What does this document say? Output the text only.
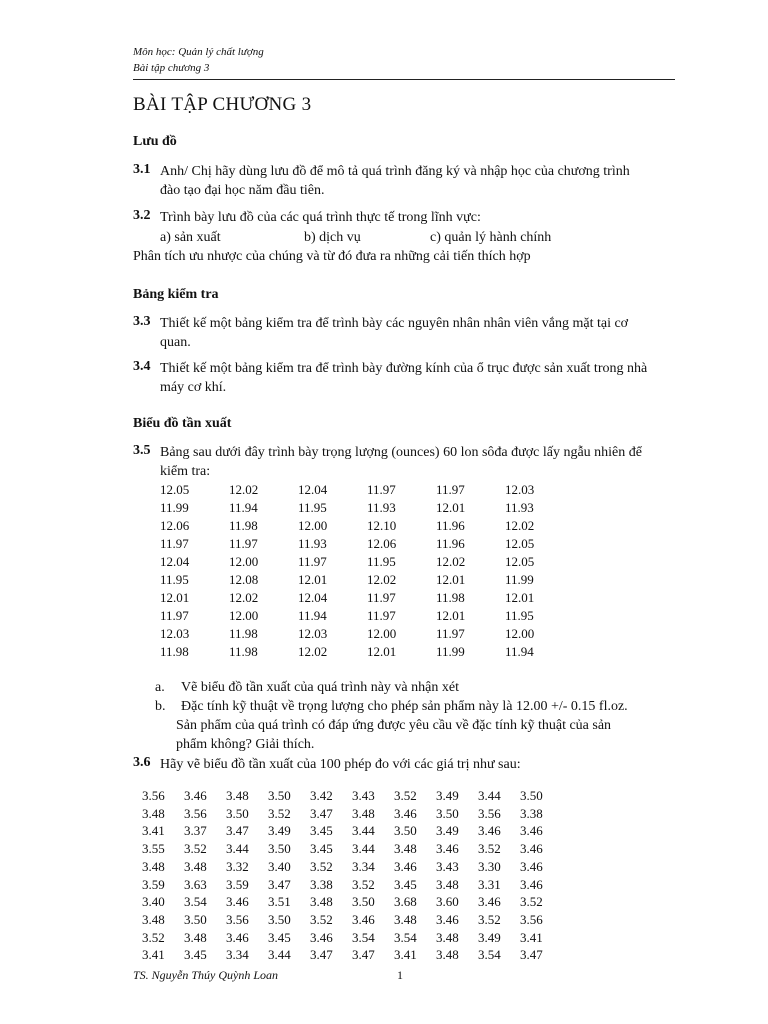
Môn học: Quản lý chất lượng
Bài tập chương 3
BÀI TẬP CHƯƠNG 3
Lưu đồ
3.1 Anh/ Chị hãy dùng lưu đồ để mô tả quá trình đăng ký và nhập học của chương trình
đào tạo đại học năm đầu tiên.
3.2 Trình bày lưu đồ của các quá trình thực tế trong lĩnh vực:
a) sản xuất	b) dịch vụ	c) quản lý hành chính
Phân tích ưu nhược của chúng và từ đó đưa ra những cải tiến thích hợp
Bảng kiểm tra
3.3 Thiết kế một bảng kiểm tra để trình bày các nguyên nhân nhân viên vắng mặt tại cơ
quan.
3.4 Thiết kế một bảng kiểm tra để trình bày đường kính của ổ trục được sản xuất trong nhà
máy cơ khí.
Biểu đồ tần xuất
3.5 Bảng sau dưới đây trình bày trọng lượng (ounces) 60 lon sôđa được lấy ngẫu nhiên để
kiểm tra:
12.05	12.02	12.04	11.97	11.97	12.03
11.99	11.94	11.95	11.93	12.01	11.93
12.06	11.98	12.00	12.10	11.96	12.02
11.97	11.97	11.93	12.06	11.96	12.05
12.04	12.00	11.97	11.95	12.02	12.05
11.95	12.08	12.01	12.02	12.01	11.99
12.01	12.02	12.04	11.97	11.98	12.01
11.97	12.00	11.94	11.97	12.01	11.95
12.03	11.98	12.03	12.00	11.97	12.00
11.98	11.98	12.02	12.01	11.99	11.94
a. Vẽ biểu đồ tần xuất của quá trình này và nhận xét
b. Đặc tính kỹ thuật về trọng lượng cho phép sản phẩm này là 12.00 +/- 0.15 fl.oz.
Sản phẩm của quá trình có đáp ứng được yêu cầu về đặc tính kỹ thuật của sản
phẩm không? Giải thích.
3.6 Hãy vẽ biểu đồ tần xuất của 100 phép đo với các giá trị như sau:
3.56 3.46 3.48 3.50 3.42 3.43 3.52 3.49 3.44 3.50
3.48 3.56 3.50 3.52 3.47 3.48 3.46 3.50 3.56 3.38
3.41 3.37 3.47 3.49 3.45 3.44 3.50 3.49 3.46 3.46
3.55 3.52 3.44 3.50 3.45 3.44 3.48 3.46 3.52 3.46
3.48 3.48 3.32 3.40 3.52 3.34 3.46 3.43 3.30 3.46
3.59 3.63 3.59 3.47 3.38 3.52 3.45 3.48 3.31 3.46
3.40 3.54 3.46 3.51 3.48 3.50 3.68 3.60 3.46 3.52
3.48 3.50 3.56 3.50 3.52 3.46 3.48 3.46 3.52 3.56
3.52 3.48 3.46 3.45 3.46 3.54 3.54 3.48 3.49 3.41
3.41 3.45 3.34 3.44 3.47 3.47 3.41 3.48 3.54 3.47
TS. Nguyễn Thúy Quỳnh Loan	1
